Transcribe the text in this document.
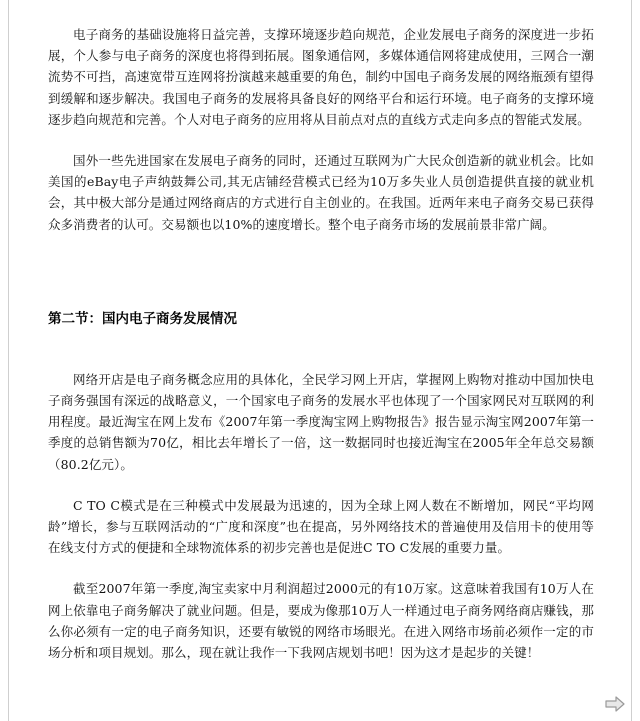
电子商务的基础设施将日益完善，支撑环境逐步趋向规范，企业发展电子商务的深度进一步拓展，个人参与电子商务的深度也将得到拓展。图象通信网，多媒体通信网将建成使用，三网合一潮流势不可挡，高速宽带互连网将扮演越来越重要的角色，制约中国电子商务发展的网络瓶颈有望得到缓解和逐步解决。我国电子商务的发展将具备良好的网络平台和运行环境。电子商务的支撑环境逐步趋向规范和完善。个人对电子商务的应用将从目前点对点的直线方式走向多点的智能式发展。

国外一些先进国家在发展电子商务的同时，还通过互联网为广大民众创造新的就业机会。比如美国的eBay电子声纳鼓舞公司,其无店铺经营模式已经为10万多失业人员创造提供直接的就业机会，其中极大部分是通过网络商店的方式进行自主创业的。在我国。近两年来电子商务交易已获得众多消费者的认可。交易额也以10%的速度增长。整个电子商务市场的发展前景非常广阔。

第二节：国内电子商务发展情况

网络开店是电子商务概念应用的具体化，全民学习网上开店，掌握网上购物对推动中国加快电子商务强国有深远的战略意义，一个国家电子商务的发展水平也体现了一个国家网民对互联网的利用程度。最近淘宝在网上发布《2007年第一季度淘宝网上购物报告》报告显示淘宝网2007年第一季度的总销售额为70亿，相比去年增长了一倍，这一数据同时也接近淘宝在2005年全年总交易额（80.2亿元）。

C TO C模式是在三种模式中发展最为迅速的，因为全球上网人数在不断增加，网民“平均网龄”增长，参与互联网活动的“广度和深度”也在提高，另外网络技术的普遍使用及信用卡的使用等在线支付方式的便捷和全球物流体系的初步完善也是促进C TO C发展的重要力量。

截至2007年第一季度,淘宝卖家中月利润超过2000元的有10万家。这意味着我国有10万人在网上依靠电子商务解决了就业问题。但是，要成为像那10万人一样通过电子商务网络商店赚钱，那么你必须有一定的电子商务知识，还要有敏锐的网络市场眼光。在进入网络市场前必须作一定的市场分析和项目规划。那么，现在就让我作一下我网店规划书吧！因为这才是起步的关键！
